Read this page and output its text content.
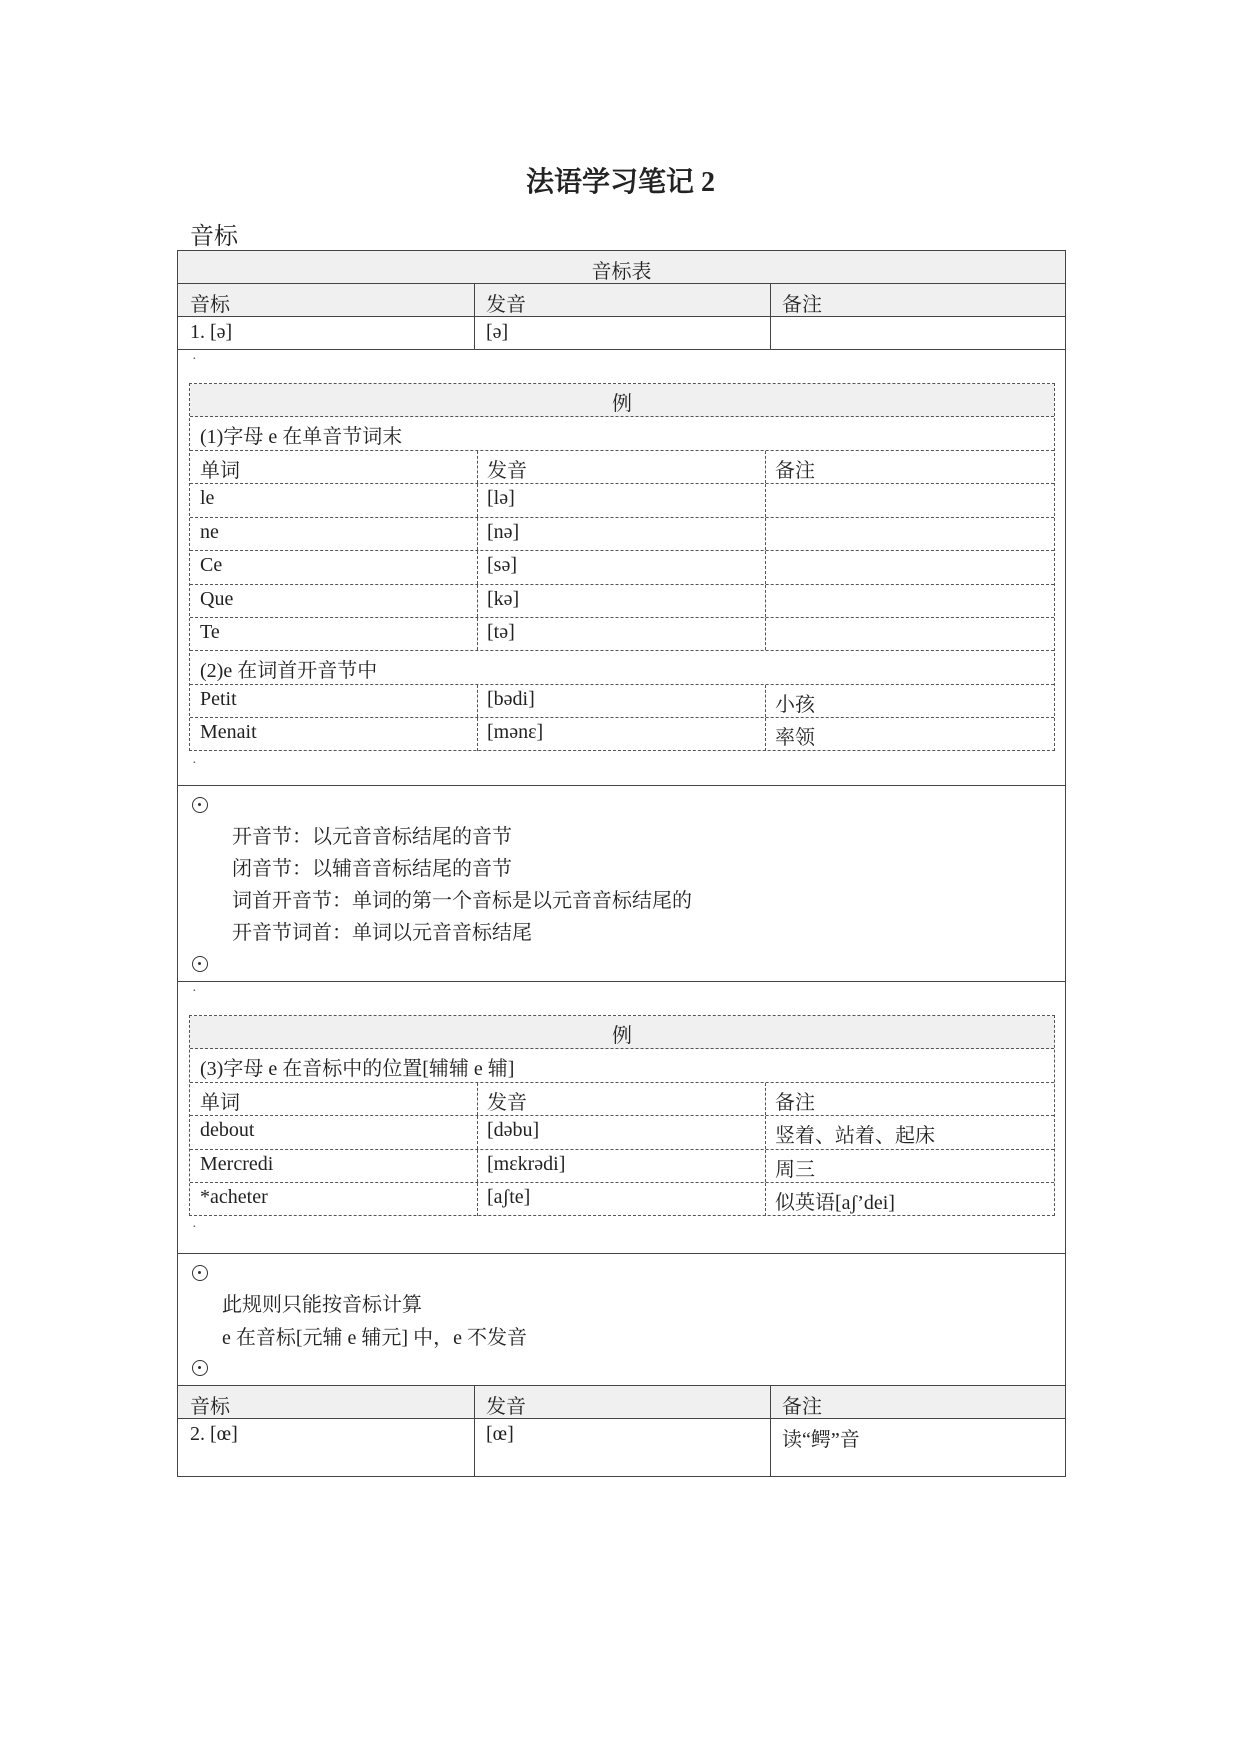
法语学习笔记 2
音标
音标表
音标	发音	备注
1. [ə]	[ə]
·
例
(1)字母 e 在单音节词末
单词	发音	备注
le	[lə]
ne	[nə]
Ce	[sə]
Que	[kə]
Te	[tə]
(2)e 在词首开音节中
Petit	[bədi]	小孩
Menait	[mənɛ]	率领
·
开音节：以元音音标结尾的音节
闭音节：以辅音音标结尾的音节
词首开音节：单词的第一个音标是以元音音标结尾的
开音节词首：单词以元音音标结尾
·
例
(3)字母 e 在音标中的位置[辅辅 e 辅]
单词	发音	备注
debout	[dəbu]	竖着、站着、起床
Mercredi	[mɛkrədi]	周三
*acheter	[aʃte]	似英语[aʃ’dei]
·
此规则只能按音标计算
e 在音标[元辅 e 辅元] 中，e 不发音
音标	发音	备注
2. [œ]	[œ]	读“鳄”音
